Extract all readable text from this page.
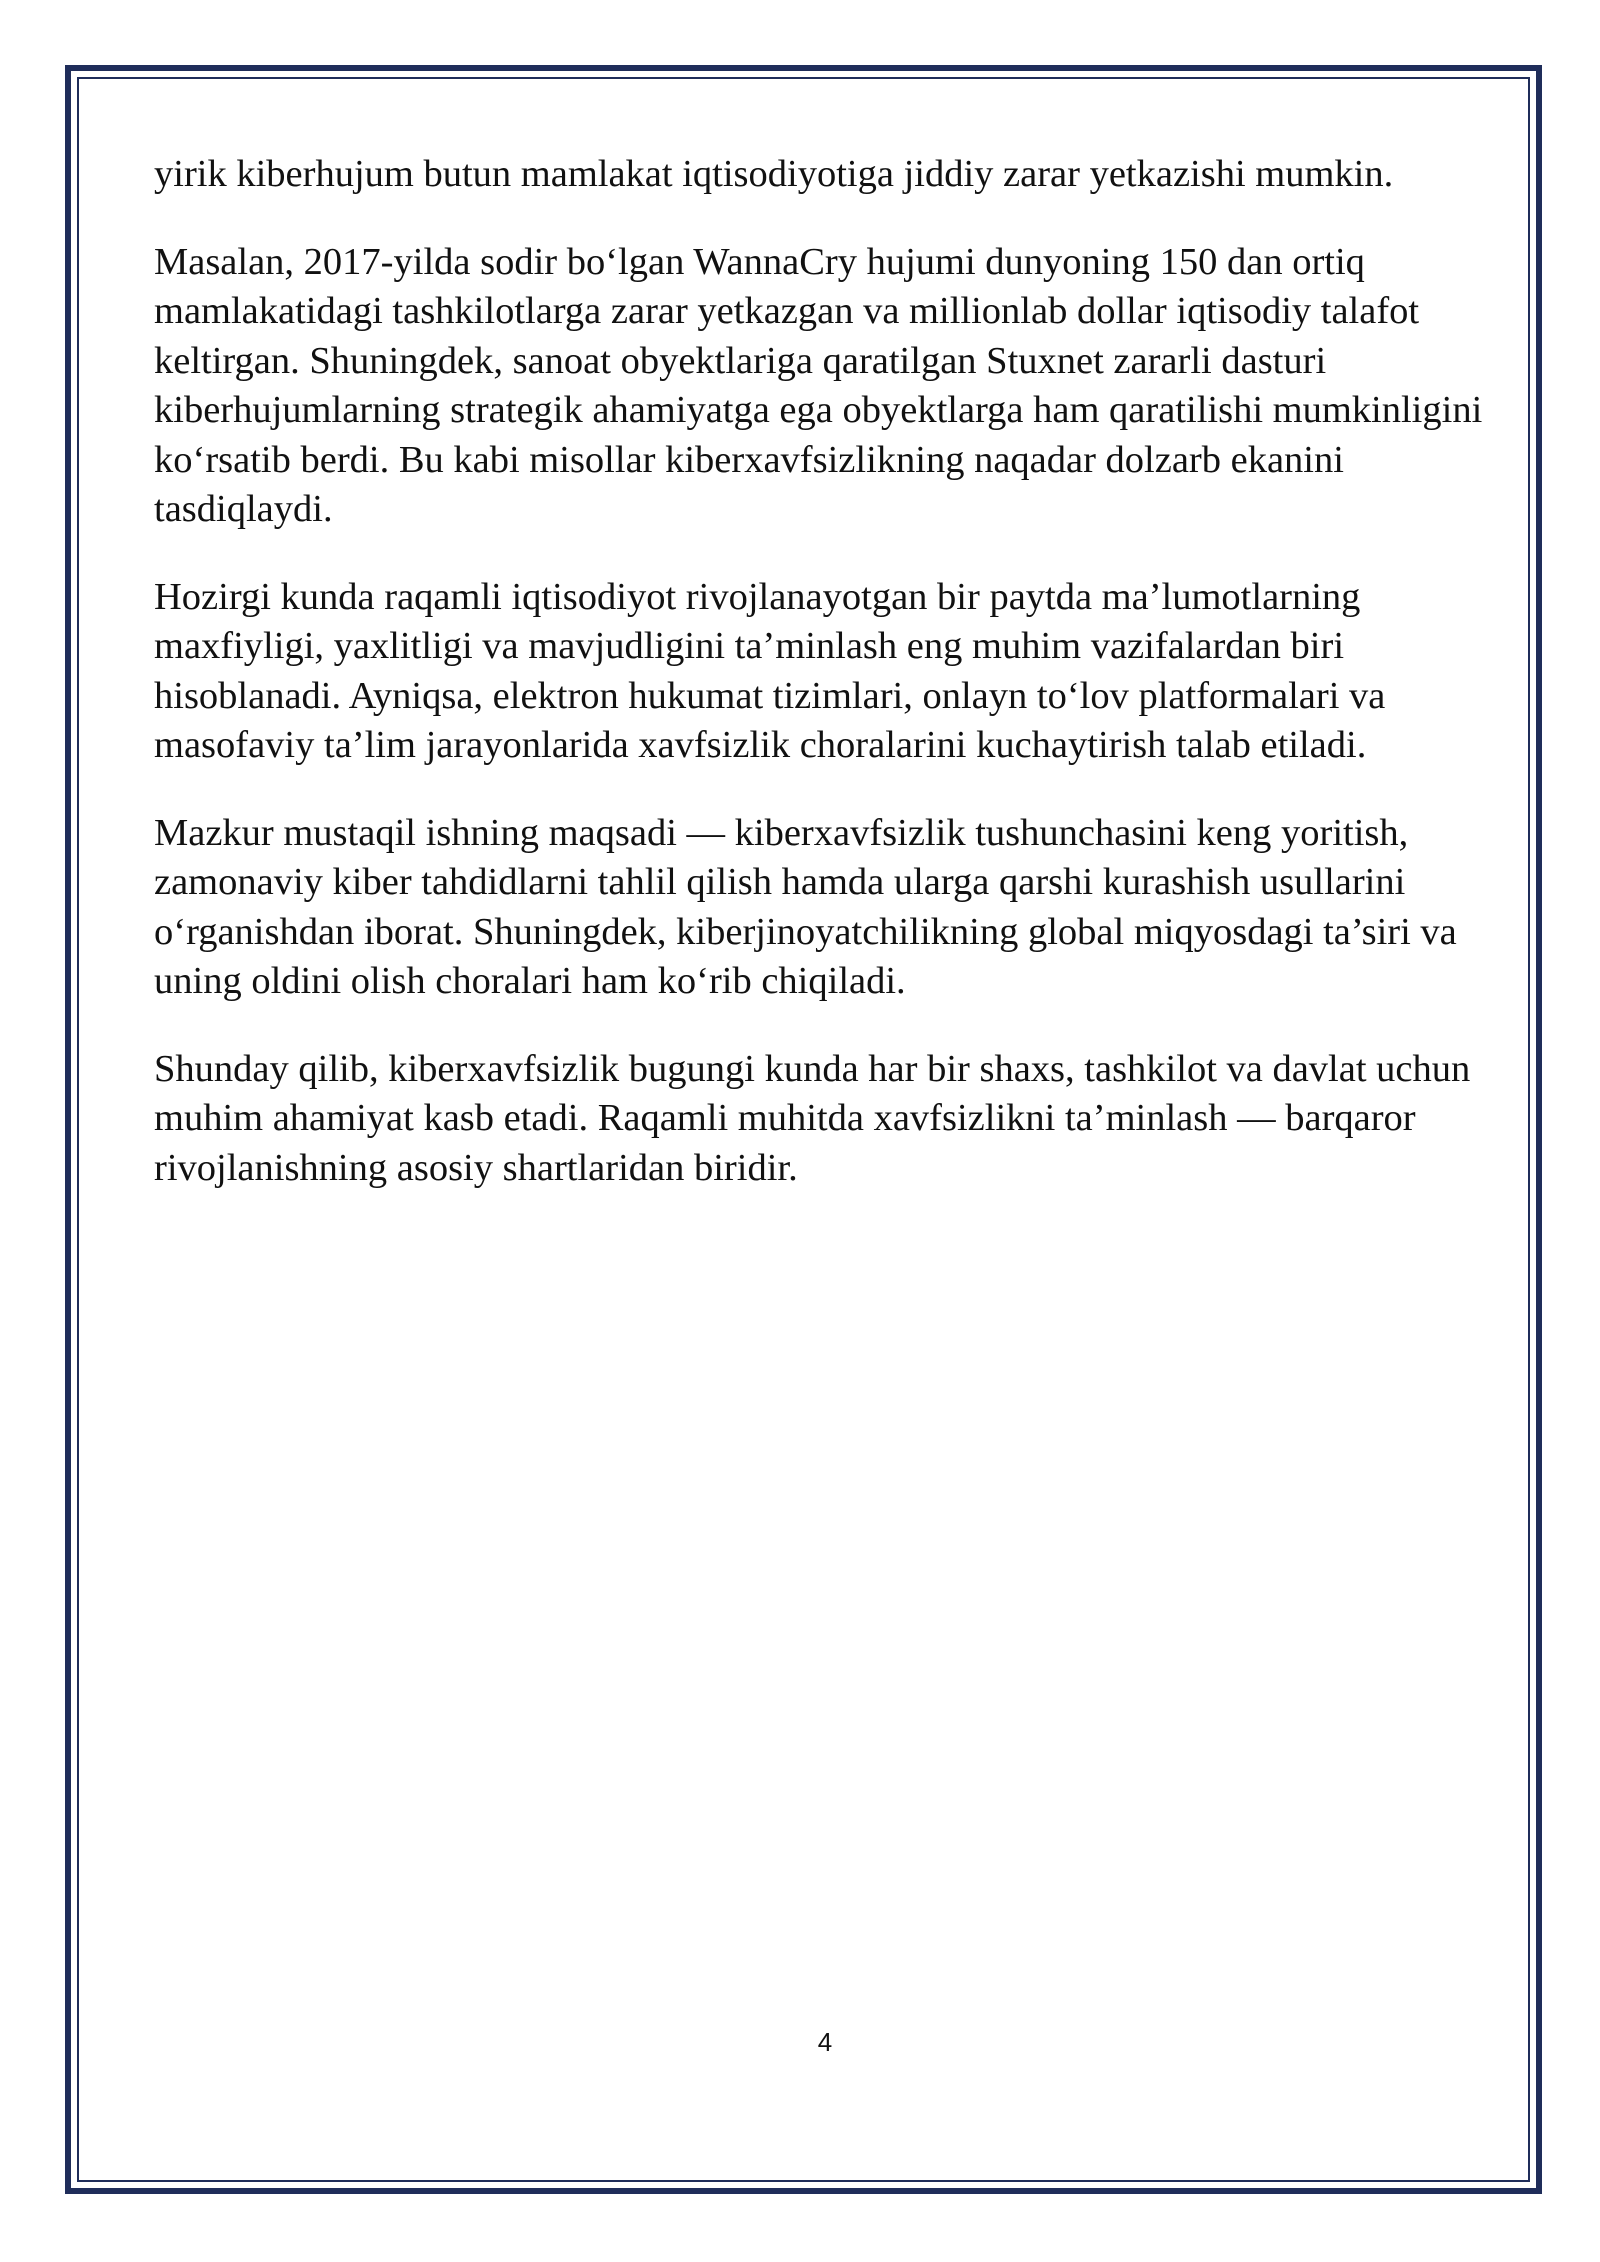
yirik kiberhujum butun mamlakat iqtisodiyotiga jiddiy zarar yetkazishi mumkin.

Masalan, 2017-yilda sodir boʻlgan WannaCry hujumi dunyoning 150 dan ortiq mamlakatidagi tashkilotlarga zarar yetkazgan va millionlab dollar iqtisodiy talafot keltirgan. Shuningdek, sanoat obyektlariga qaratilgan Stuxnet zararli dasturi kiberhujumlarning strategik ahamiyatga ega obyektlarga ham qaratilishi mumkinligini koʻrsatib berdi. Bu kabi misollar kiberxavfsizlikning naqadar dolzarb ekanini tasdiqlaydi.

Hozirgi kunda raqamli iqtisodiyot rivojlanayotgan bir paytda ma’lumotlarning maxfiyligi, yaxlitligi va mavjudligini ta’minlash eng muhim vazifalardan biri hisoblanadi. Ayniqsa, elektron hukumat tizimlari, onlayn toʻlov platformalari va masofaviy ta’lim jarayonlarida xavfsizlik choralarini kuchaytirish talab etiladi.

Mazkur mustaqil ishning maqsadi — kiberxavfsizlik tushunchasini keng yoritish, zamonaviy kiber tahdidlarni tahlil qilish hamda ularga qarshi kurashish usullarini oʻrganishdan iborat. Shuningdek, kiberjinoyatchilikning global miqyosdagi ta’siri va uning oldini olish choralari ham koʻrib chiqiladi.

Shunday qilib, kiberxavfsizlik bugungi kunda har bir shaxs, tashkilot va davlat uchun muhim ahamiyat kasb etadi. Raqamli muhitda xavfsizlikni ta’minlash — barqaror rivojlanishning asosiy shartlaridan biridir.

4
